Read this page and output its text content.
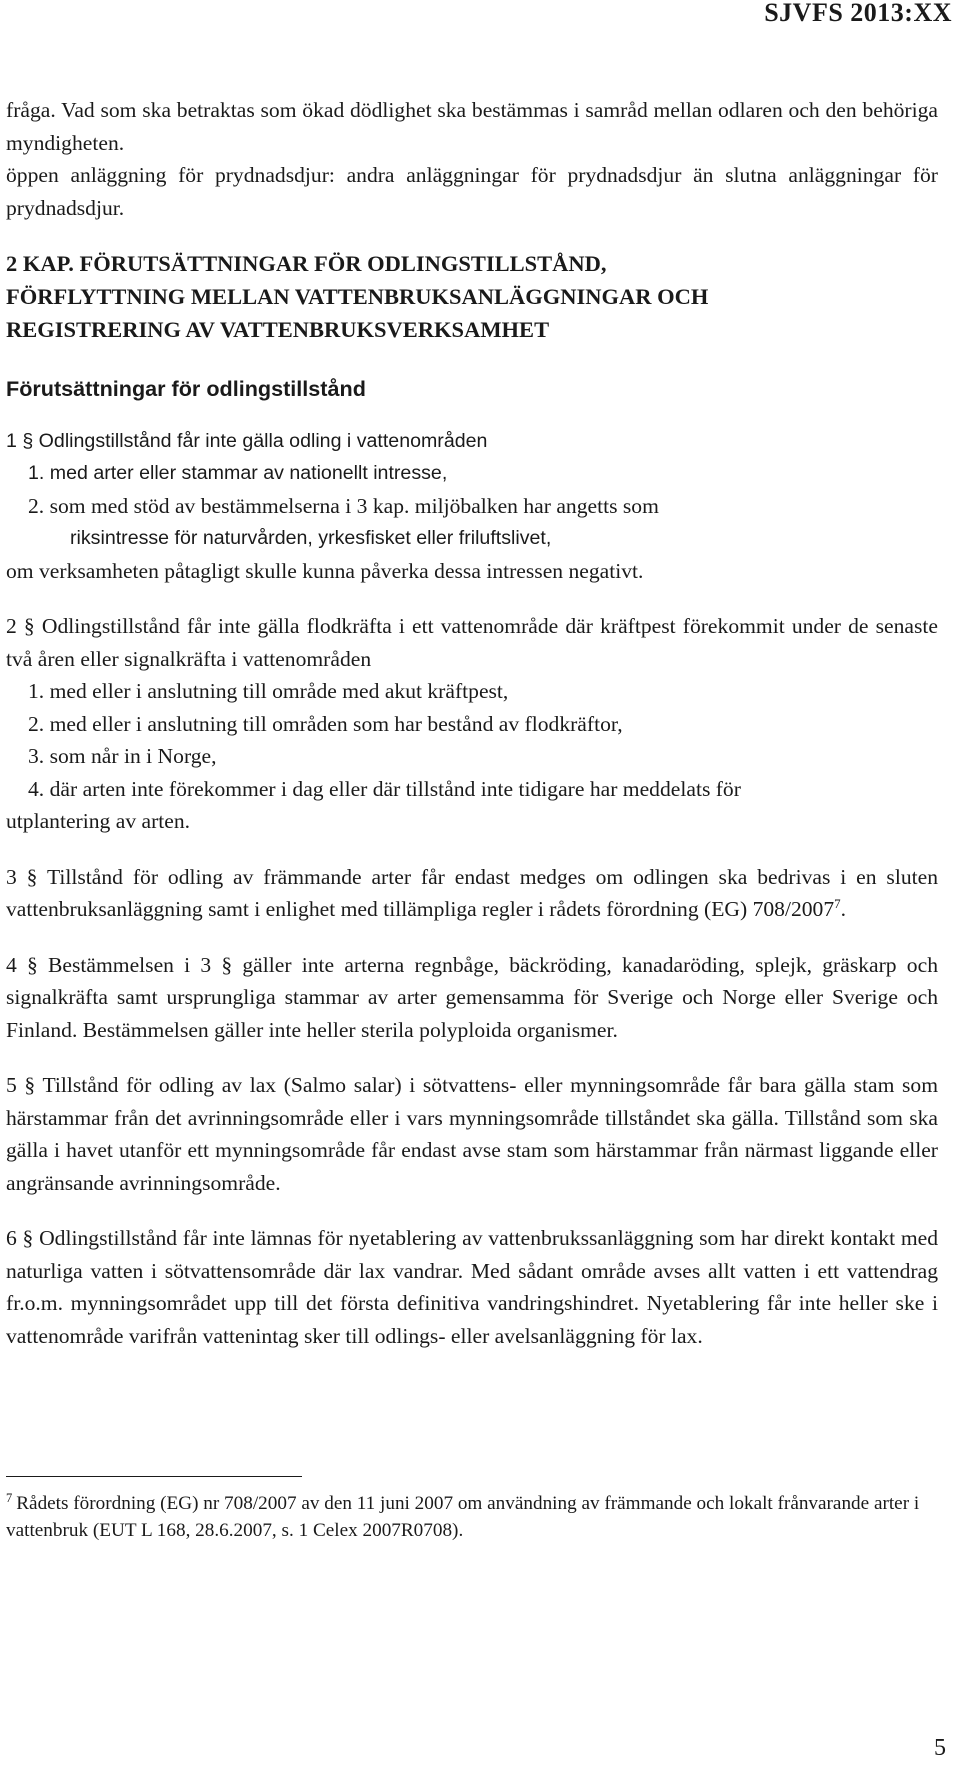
SJVFS 2013:XX

fråga. Vad som ska betraktas som ökad dödlighet ska bestämmas i samråd mellan odlaren och den behöriga myndigheten.

öppen anläggning för prydnadsdjur: andra anläggningar för prydnadsdjur än slutna anläggningar för prydnadsdjur.

2 KAP. FÖRUTSÄTTNINGAR FÖR ODLINGSTILLSTÅND,
FÖRFLYTTNING MELLAN VATTENBRUKSANLÄGGNINGAR OCH
REGISTRERING AV VATTENBRUKSVERKSAMHET
Förutsättningar för odlingstillstånd

1 § Odlingstillstånd får inte gälla odling i vattenområden

1. med arter eller stammar av nationellt intresse,

2. som med stöd av bestämmelserna i 3 kap. miljöbalken har angetts som

riksintresse för naturvården, yrkesfisket eller friluftslivet,

om verksamheten påtagligt skulle kunna påverka dessa intressen negativt.

2 § Odlingstillstånd får inte gälla flodkräfta i ett vattenområde där kräftpest förekommit under de senaste två åren eller signalkräfta i vattenområden

1. med eller i anslutning till område med akut kräftpest,

2. med eller i anslutning till områden som har bestånd av flodkräftor,

3. som når in i Norge,

4. där arten inte förekommer i dag eller där tillstånd inte tidigare har meddelats för

utplantering av arten.

3 § Tillstånd för odling av främmande arter får endast medges om odlingen ska bedrivas i en sluten vattenbruksanläggning samt i enlighet med tillämpliga regler i rådets förordning (EG) 708/2007$^7$.

4 § Bestämmelsen i 3 § gäller inte arterna regnbåge, bäckröding, kanadaröding, splejk, gräskarp och signalkräfta samt ursprungliga stammar av arter gemensamma för Sverige och Norge eller Sverige och Finland. Bestämmelsen gäller inte heller sterila polyploida organismer.

5 § Tillstånd för odling av lax (Salmo salar) i sötvattens- eller mynningsområde får bara gälla stam som härstammar från det avrinningsområde eller i vars mynningsområde tillståndet ska gälla. Tillstånd som ska gälla i havet utanför ett mynningsområde får endast avse stam som härstammar från närmast liggande eller angränsande avrinningsområde.

6 § Odlingstillstånd får inte lämnas för nyetablering av vattenbrukssanläggning som har direkt kontakt med naturliga vatten i sötvattensområde där lax vandrar. Med sådant område avses allt vatten i ett vattendrag fr.o.m. mynningsområdet upp till det första definitiva vandringshindret. Nyetablering får inte heller ske i vattenområde varifrån vattenintag sker till odlings- eller avelsanläggning för lax.

$^7$ Rådets förordning (EG) nr 708/2007 av den 11 juni 2007 om användning av främmande och lokalt frånvarande arter i vattenbruk (EUT L 168, 28.6.2007, s. 1 Celex 2007R0708).
5
